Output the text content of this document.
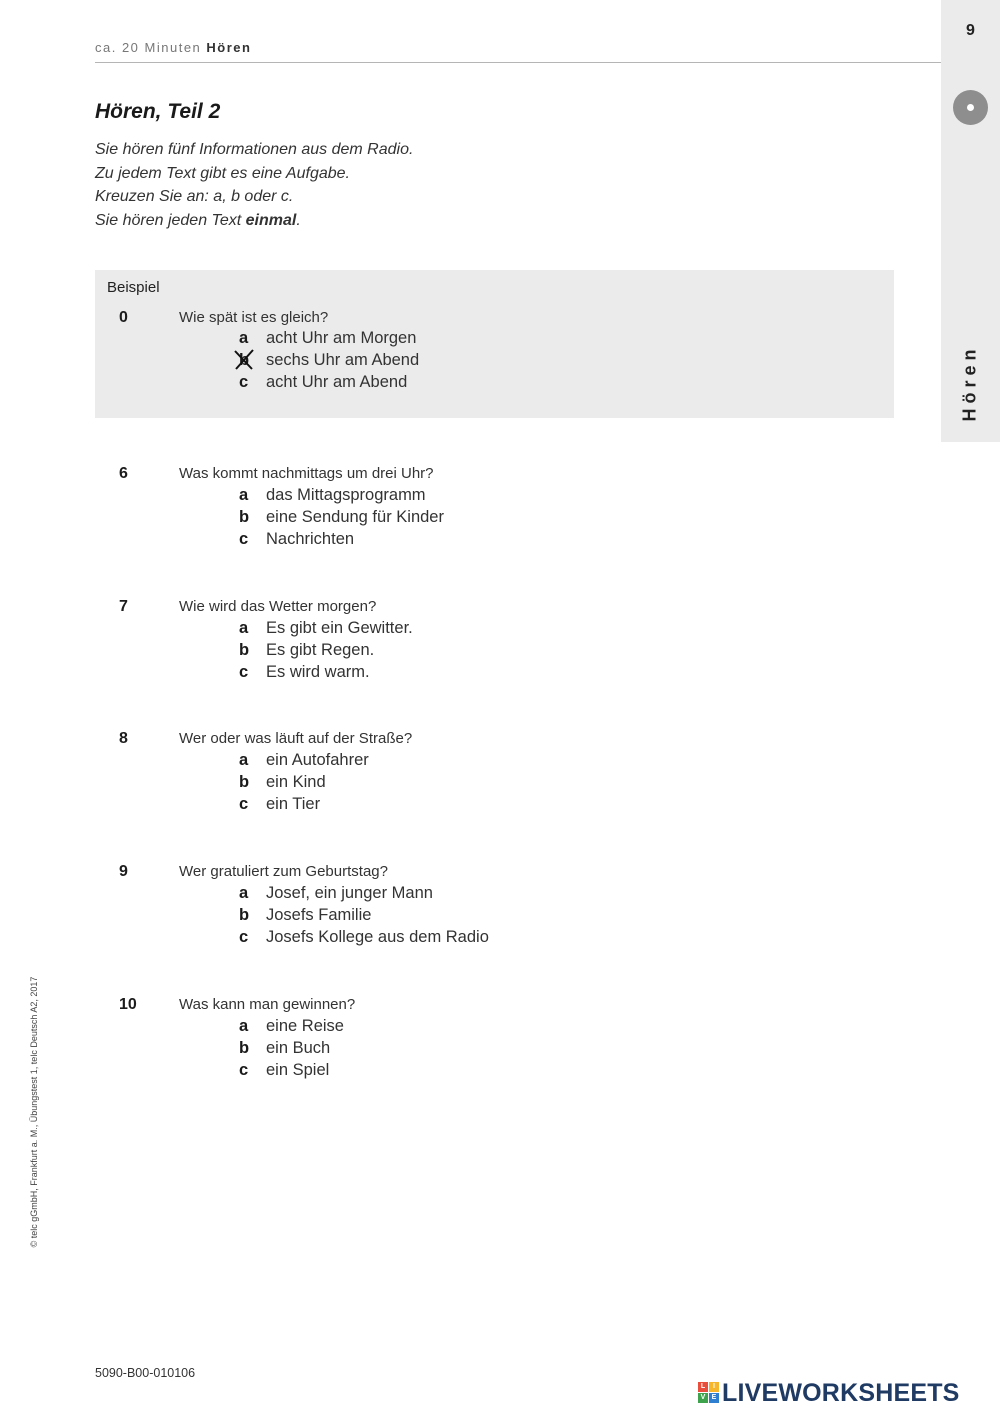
ca. 20 Minuten Hören
9
Hören
Hören, Teil 2

Sie hören fünf Informationen aus dem Radio.

Zu jedem Text gibt es eine Aufgabe.

Kreuzen Sie an: a, b oder c.

Sie hören jeden Text einmal.

Beispiel
0	Wie spät ist es gleich?
a acht Uhr am Morgen
b sechs Uhr am Abend
c acht Uhr am Abend
6	Was kommt nachmittags um drei Uhr?
a das Mittagsprogramm
b eine Sendung für Kinder
c Nachrichten
7	Wie wird das Wetter morgen?
a Es gibt ein Gewitter.
b Es gibt Regen.
c Es wird warm.
8	Wer oder was läuft auf der Straße?
a ein Autofahrer
b ein Kind
c ein Tier
9	Wer gratuliert zum Geburtstag?
a Josef, ein junger Mann
b Josefs Familie
c Josefs Kollege aus dem Radio
10	Was kann man gewinnen?
a eine Reise
b ein Buch
c ein Spiel
© telc gGmbH, Frankfurt a. M., Übungstest 1, telc Deutsch A2, 2017
5090-B00-010106
L	I
V E LIVEWORKSHEETS
